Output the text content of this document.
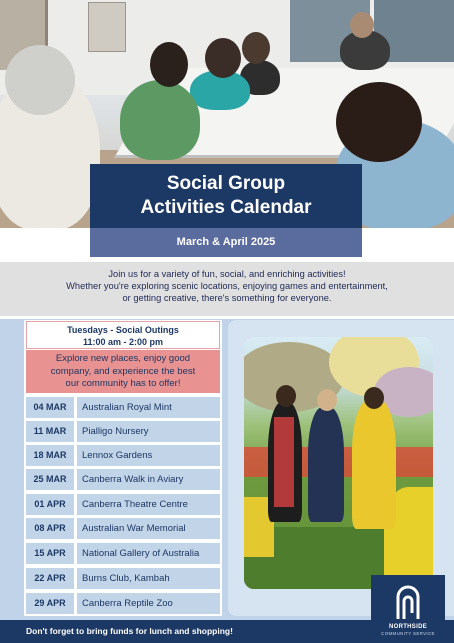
Social Group
Activities Calendar
March & April 2025
Join us for a variety of fun, social, and enriching activities!
Whether you're exploring scenic locations, enjoying games and entertainment,
or getting creative, there's something for everyone.
Tuesdays - Social Outings
11:00 am - 2:00 pm
Explore new places, enjoy good
company, and experience the best
our community has to offer!
04 MAR	Australian Royal Mint
11 MAR	Pialligo Nursery
18 MAR	Lennox Gardens
25 MAR	Canberra Walk in Aviary
01 APR	Canberra Theatre Centre
08 APR	Australian War Memorial
15 APR	National Gallery of Australia
22 APR	Burns Club, Kambah
29 APR	Canberra Reptile Zoo
NORTHSIDE
COMMUNITY SERVICE
Don't forget to bring funds for lunch and shopping!
